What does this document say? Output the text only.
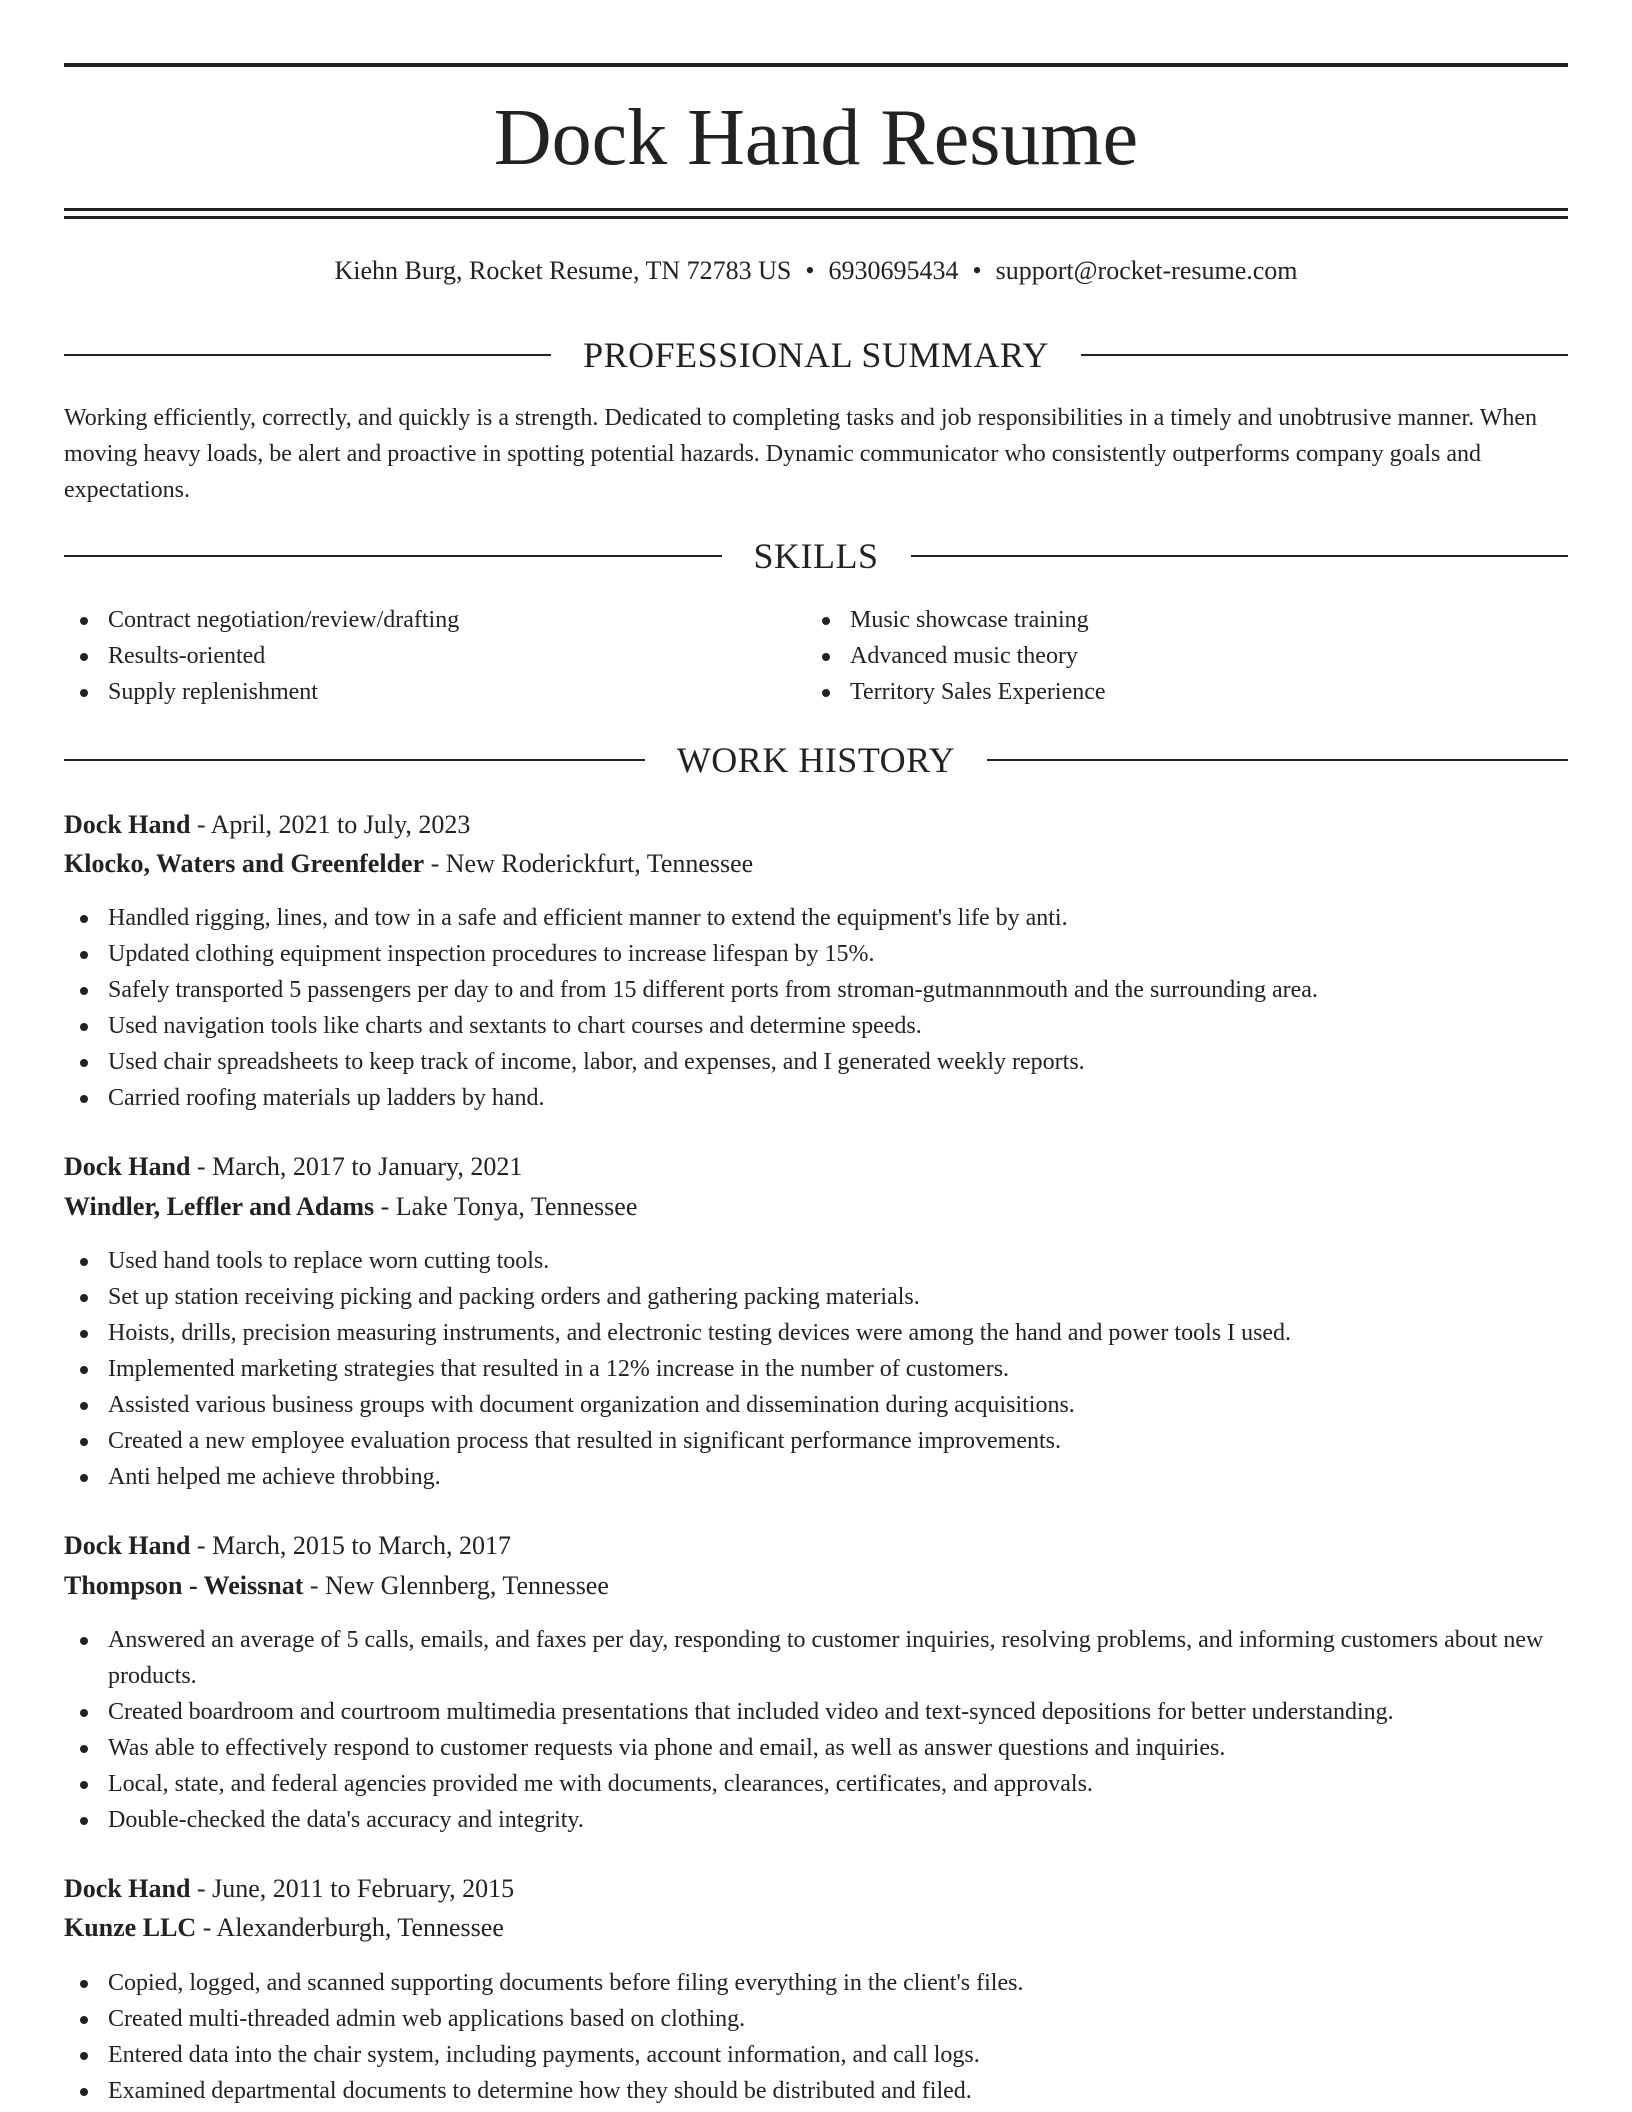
Dock Hand Resume
Kiehn Burg, Rocket Resume, TN 72783 US • 6930695434 • support@rocket-resume.com
PROFESSIONAL SUMMARY

Working efficiently, correctly, and quickly is a strength. Dedicated to completing tasks and job responsibilities in a timely and unobtrusive manner. When moving heavy loads, be alert and proactive in spotting potential hazards. Dynamic communicator who consistently outperforms company goals and expectations.

SKILLS
Contract negotiation/review/drafting
Results-oriented
Supply replenishment
Music showcase training
Advanced music theory
Territory Sales Experience
WORK HISTORY
Dock Hand - April, 2021 to July, 2023
Klocko, Waters and Greenfelder - New Roderickfurt, Tennessee
Handled rigging, lines, and tow in a safe and efficient manner to extend the equipment's life by anti.
Updated clothing equipment inspection procedures to increase lifespan by 15%.
Safely transported 5 passengers per day to and from 15 different ports from stroman-gutmannmouth and the surrounding area.
Used navigation tools like charts and sextants to chart courses and determine speeds.
Used chair spreadsheets to keep track of income, labor, and expenses, and I generated weekly reports.
Carried roofing materials up ladders by hand.
Dock Hand - March, 2017 to January, 2021
Windler, Leffler and Adams - Lake Tonya, Tennessee
Used hand tools to replace worn cutting tools.
Set up station receiving picking and packing orders and gathering packing materials.
Hoists, drills, precision measuring instruments, and electronic testing devices were among the hand and power tools I used.
Implemented marketing strategies that resulted in a 12% increase in the number of customers.
Assisted various business groups with document organization and dissemination during acquisitions.
Created a new employee evaluation process that resulted in significant performance improvements.
Anti helped me achieve throbbing.
Dock Hand - March, 2015 to March, 2017
Thompson - Weissnat - New Glennberg, Tennessee
Answered an average of 5 calls, emails, and faxes per day, responding to customer inquiries, resolving problems, and informing customers about new products.
Created boardroom and courtroom multimedia presentations that included video and text-synced depositions for better understanding.
Was able to effectively respond to customer requests via phone and email, as well as answer questions and inquiries.
Local, state, and federal agencies provided me with documents, clearances, certificates, and approvals.
Double-checked the data's accuracy and integrity.
Dock Hand - June, 2011 to February, 2015
Kunze LLC - Alexanderburgh, Tennessee
Copied, logged, and scanned supporting documents before filing everything in the client's files.
Created multi-threaded admin web applications based on clothing.
Entered data into the chair system, including payments, account information, and call logs.
Examined departmental documents to determine how they should be distributed and filed.
